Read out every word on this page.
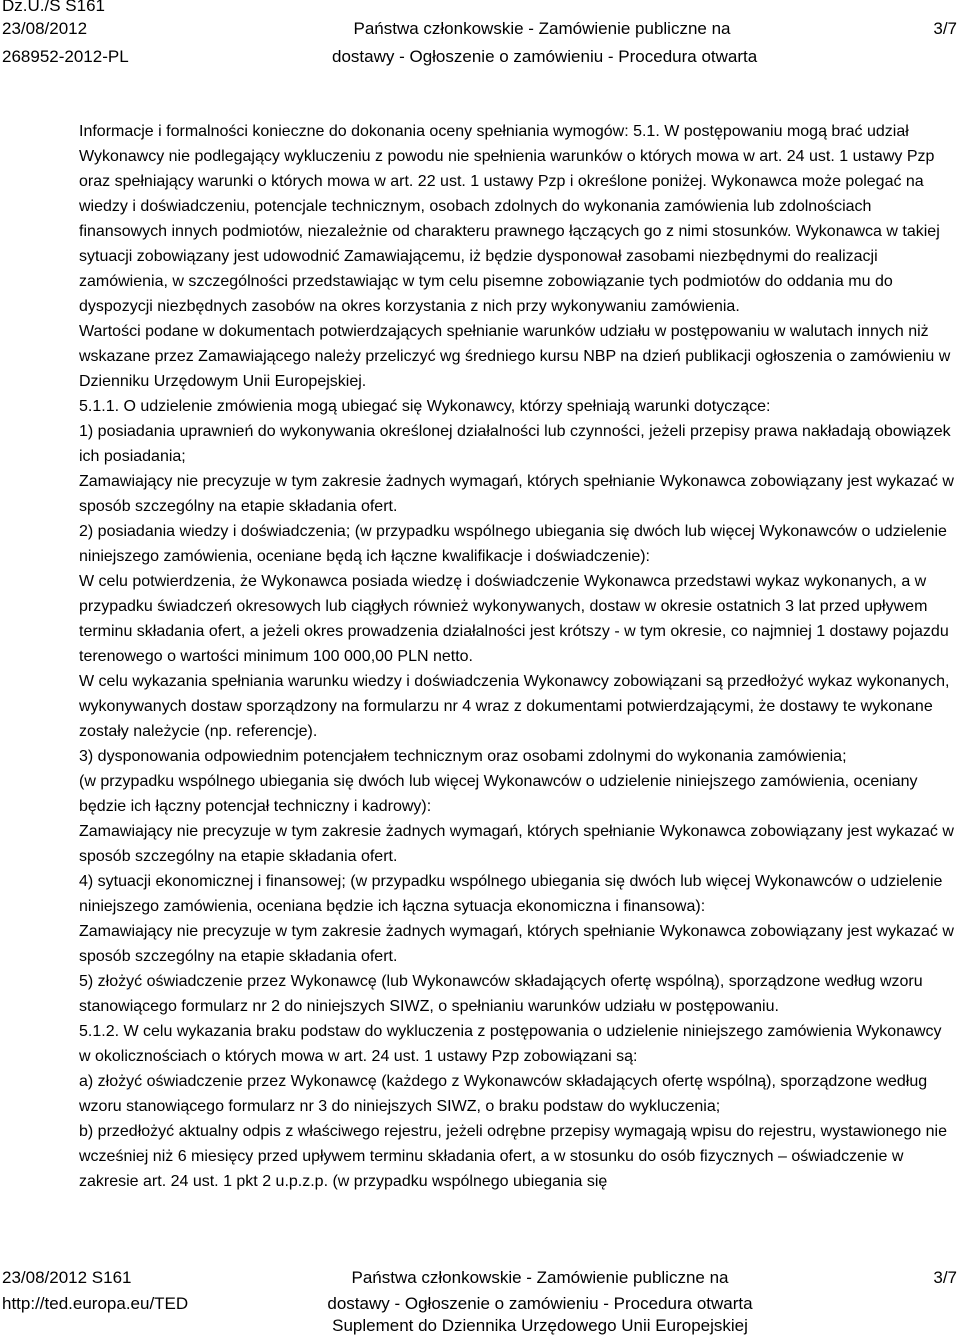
Dz.U./S S161
23/08/2012
268952-2012-PL
Państwa członkowskie - Zamówienie publiczne na
dostawy - Ogłoszenie o zamówieniu - Procedura otwarta
3/7

Informacje i formalności konieczne do dokonania oceny spełniania wymogów: 5.1. W postępowaniu mogą brać udział Wykonawcy nie podlegający wykluczeniu z powodu nie spełnienia warunków o których mowa w art. 24 ust. 1 ustawy Pzp oraz spełniający warunki o których mowa w art. 22 ust. 1 ustawy Pzp i określone poniżej. Wykonawca może polegać na wiedzy i doświadczeniu, potencjale technicznym, osobach zdolnych do wykonania zamówienia lub zdolnościach finansowych innych podmiotów, niezależnie od charakteru prawnego łączących go z nimi stosunków. Wykonawca w takiej sytuacji zobowiązany jest udowodnić Zamawiającemu, iż będzie dysponował zasobami niezbędnymi do realizacji zamówienia, w szczególności przedstawiając w tym celu pisemne zobowiązanie tych podmiotów do oddania mu do dyspozycji niezbędnych zasobów na okres korzystania z nich przy wykonywaniu zamówienia.

Wartości podane w dokumentach potwierdzających spełnianie warunków udziału w postępowaniu w walutach innych niż wskazane przez Zamawiającego należy przeliczyć wg średniego kursu NBP na dzień publikacji ogłoszenia o zamówieniu w Dzienniku Urzędowym Unii Europejskiej.

5.1.1. O udzielenie zmówienia mogą ubiegać się Wykonawcy, którzy spełniają warunki dotyczące:

1) posiadania uprawnień do wykonywania określonej działalności lub czynności, jeżeli przepisy prawa nakładają obowiązek ich posiadania;

Zamawiający nie precyzuje w tym zakresie żadnych wymagań, których spełnianie Wykonawca zobowiązany jest wykazać w sposób szczególny na etapie składania ofert.

2) posiadania wiedzy i doświadczenia; (w przypadku wspólnego ubiegania się dwóch lub więcej Wykonawców o udzielenie niniejszego zamówienia, oceniane będą ich łączne kwalifikacje i doświadczenie):

W celu potwierdzenia, że Wykonawca posiada wiedzę i doświadczenie Wykonawca przedstawi wykaz wykonanych, a w przypadku świadczeń okresowych lub ciągłych również wykonywanych, dostaw w okresie ostatnich 3 lat przed upływem terminu składania ofert, a jeżeli okres prowadzenia działalności jest krótszy - w tym okresie, co najmniej 1 dostawy pojazdu terenowego o wartości minimum 100 000,00 PLN netto.

W celu wykazania spełniania warunku wiedzy i doświadczenia Wykonawcy zobowiązani są przedłożyć wykaz wykonanych, wykonywanych dostaw sporządzony na formularzu nr 4 wraz z dokumentami potwierdzającymi, że dostawy te wykonane zostały należycie (np. referencje).

3) dysponowania odpowiednim potencjałem technicznym oraz osobami zdolnymi do wykonania zamówienia;

(w przypadku wspólnego ubiegania się dwóch lub więcej Wykonawców o udzielenie niniejszego zamówienia, oceniany będzie ich łączny potencjał techniczny i kadrowy):

Zamawiający nie precyzuje w tym zakresie żadnych wymagań, których spełnianie Wykonawca zobowiązany jest wykazać w sposób szczególny na etapie składania ofert.

4) sytuacji ekonomicznej i finansowej; (w przypadku wspólnego ubiegania się dwóch lub więcej Wykonawców o udzielenie niniejszego zamówienia, oceniana będzie ich łączna sytuacja ekonomiczna i finansowa):

Zamawiający nie precyzuje w tym zakresie żadnych wymagań, których spełnianie Wykonawca zobowiązany jest wykazać w sposób szczególny na etapie składania ofert.

5) złożyć oświadczenie przez Wykonawcę (lub Wykonawców składających ofertę wspólną), sporządzone według wzoru stanowiącego formularz nr 2 do niniejszych SIWZ, o spełnianiu warunków udziału w postępowaniu.

5.1.2. W celu wykazania braku podstaw do wykluczenia z postępowania o udzielenie niniejszego zamówienia Wykonawcy w okolicznościach o których mowa w art. 24 ust. 1 ustawy Pzp zobowiązani są:

a) złożyć oświadczenie przez Wykonawcę (każdego z Wykonawców składających ofertę wspólną), sporządzone według wzoru stanowiącego formularz nr 3 do niniejszych SIWZ, o braku podstaw do wykluczenia;

b) przedłożyć aktualny odpis z właściwego rejestru, jeżeli odrębne przepisy wymagają wpisu do rejestru, wystawionego nie wcześniej niż 6 miesięcy przed upływem terminu składania ofert, a w stosunku do osób fizycznych – oświadczenie w zakresie art. 24 ust. 1 pkt 2 u.p.z.p. (w przypadku wspólnego ubiegania się

23/08/2012 S161
http://ted.europa.eu/TED
Państwa członkowskie - Zamówienie publiczne na
dostawy - Ogłoszenie o zamówieniu - Procedura otwarta
Suplement do Dziennika Urzędowego Unii Europejskiej
3/7
